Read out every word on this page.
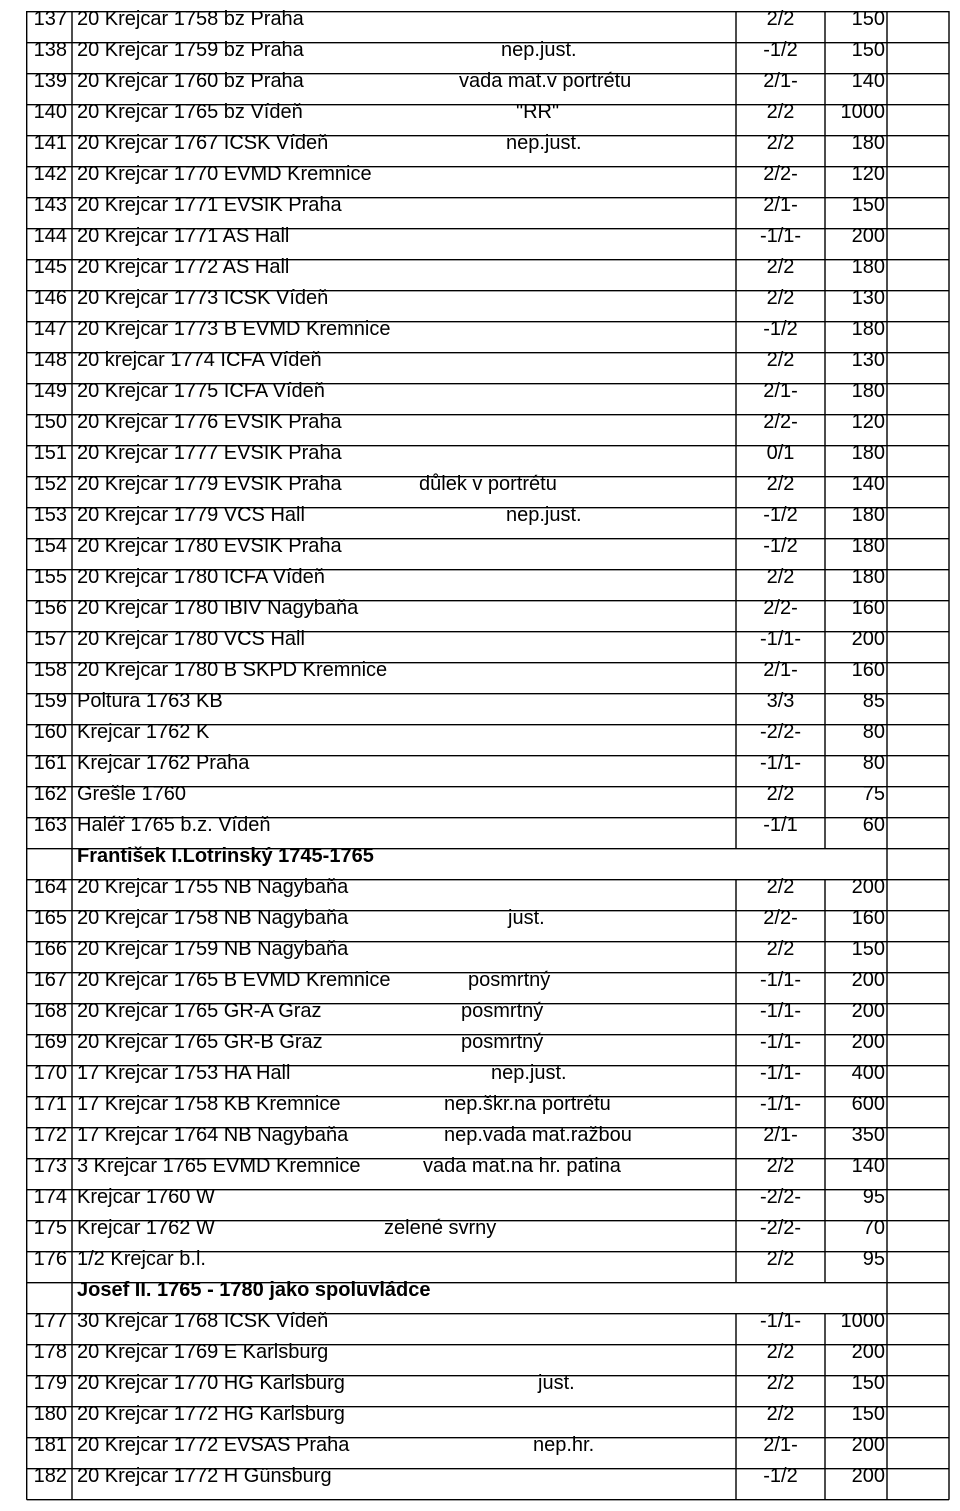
137 20 Krejcar 1758 bz Praha	2/2	150
138 20 Krejcar 1759 bz Praha	nep.just.	-1/2	150
139 20 Krejcar 1760 bz Praha	vada mat.v portrétu	2/1-	140
140 20 Krejcar 1765 bz Vídeň	"RR"	2/2	1000
141 20 Krejcar 1767 ICSK Vídeň	nep.just.	2/2	180
142 20 Krejcar 1770 EVMD Kremnice	2/2-	120
143 20 Krejcar 1771 EVSIK Praha	2/1-	150
144 20 Krejcar 1771 AS Hall	-1/1-	200
145 20 Krejcar 1772 AS Hall	2/2	180
146 20 Krejcar 1773 ICSK Vídeň	2/2	130
147 20 Krejcar 1773 B EVMD Kremnice	-1/2	180
148 20 krejcar 1774 ICFA Vídeň	2/2	130
149 20 Krejcar 1775 ICFA Vídeň	2/1-	180
150 20 Krejcar 1776 EVSIK Praha	2/2-	120
151 20 Krejcar 1777 EVSIK Praha	0/1	180
152 20 Krejcar 1779 EVSIK Praha	důlek v portrétu	2/2	140
153 20 Krejcar 1779 VCS Hall	nep.just.	-1/2	180
154 20 Krejcar 1780 EVSIK Praha	-1/2	180
155 20 Krejcar 1780 ICFA Vídeň	2/2	180
156 20 Krejcar 1780 IBIV Nagybaňa	2/2-	160
157 20 Krejcar 1780 VCS Hall	-1/1-	200
158 20 Krejcar 1780 B SKPD Kremnice	2/1-	160
159 Poltura 1763 KB	3/3	85
160 Krejcar 1762 K	-2/2-	80
161 Krejcar 1762 Praha	-1/1-	80
162 Grešle 1760	2/2	75
163 Haléř 1765 b.z. Vídeň	-1/1	60
František I.Lotrinský 1745-1765
164 20 Krejcar 1755 NB Nagybaňa	2/2	200
165 20 Krejcar 1758 NB Nagybaňa	just.	2/2-	160
166 20 Krejcar 1759 NB Nagybaňa	2/2	150
167 20 Krejcar 1765 B EVMD Kremnice	posmrtný	-1/1-	200
168 20 Krejcar 1765 GR-A Graz	posmrtný	-1/1-	200
169 20 Krejcar 1765 GR-B Graz	posmrtný	-1/1-	200
170 17 Krejcar 1753 HA Hall	nep.just.	-1/1-	400
171 17 Krejcar 1758 KB Kremnice	nep.škr.na portrétu	-1/1-	600
172 17 Krejcar 1764 NB Nagybaňa	nep.vada mat.ražbou	2/1-	350
173 3 Krejcar 1765 EVMD Kremnice	vada mat.na hr. patina	2/2	140
174 Krejcar 1760 W	-2/2-	95
175 Krejcar 1762 W	zelené svrny	-2/2-	70
176 1/2 Krejcar b.l.	2/2	95
Josef II. 1765 - 1780 jako spoluvládce
177 30 Krejcar 1768 ICSK Vídeň	-1/1-	1000
178 20 Krejcar 1769 E Karlsburg	2/2	200
179 20 Krejcar 1770 HG Karlsburg	just.	2/2	150
180 20 Krejcar 1772 HG Karlsburg	2/2	150
181 20 Krejcar 1772 EVSAS Praha	nep.hr.	2/1-	200
182 20 Krejcar 1772 H Günsburg	-1/2	200
